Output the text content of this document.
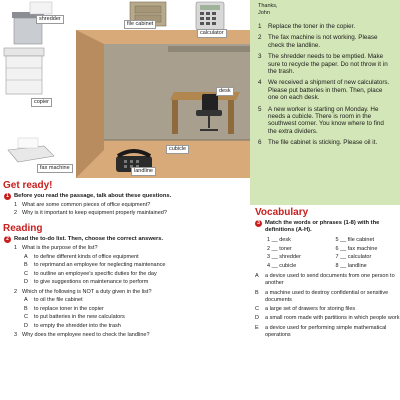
shredder
file cabinet
calculator
desk
copier
cubicle
fax machine	landline
Thanks,
John
1	Replace the toner in the copier.
2	The fax machine is not working. Please check the landline.
3	The shredder needs to be emptied. Make sure to recycle the paper. Do not throw it in the trash.
4	We received a shipment of new calculators. Please put batteries in them. Then, place one on each desk.
5	A new worker is starting on Monday. He needs a cubicle. There is room in the southwest corner. You know where to find the extra dividers.
6	The file cabinet is sticking. Please oil it.
Get ready!
1 Before you read the passage, talk about these questions.
1 What are some common pieces of office equipment?
2 Why is it important to keep equipment properly maintained?
Reading
2 Read the to-do list. Then, choose the correct answers.
1 What is the purpose of the list?
A	to define different kinds of office equipment
B	to reprimand an employee for neglecting maintenance
C	to outline an employee's specific duties for the day
D	to give suggestions on maintenance to perform
2 Which of the following is NOT a duty given in the list?
A	to oil the file cabinet
B	to replace toner in the copier
C	to put batteries in the new calculators
D	to empty the shredder into the trash
3 Why does the employee need to check the landline?
Vocabulary
3 Match the words or phrases (1-8) with the definitions (A-H).
1 __ desk	5 __ file cabinet
2 __ toner	6 __ fax machine
3 __ shredder	7 __ calculator
4 __ cubicle	8 __ landline
A	a device used to send documents from one person to another
B	a machine used to destroy confidential or sensitive documents
C	a large set of drawers for storing files
D	a small room made with partitions in which people work
E	a device used for performing simple mathematical operations
